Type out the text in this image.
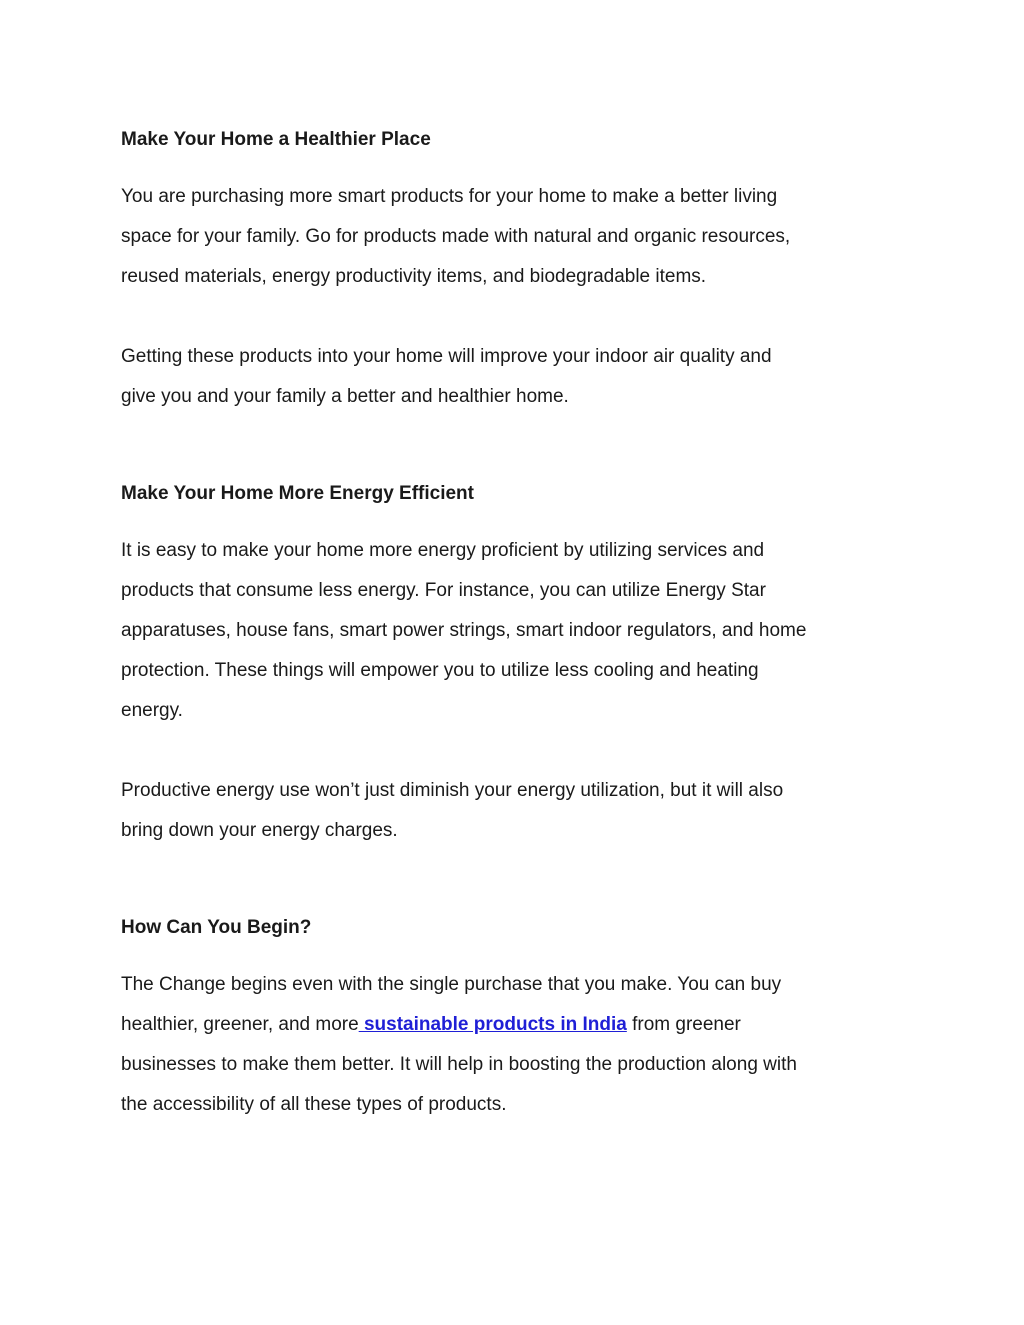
Make Your Home a Healthier Place

You are purchasing more smart products for your home to make a better living
space for your family. Go for products made with natural and organic resources,
reused materials, energy productivity items, and biodegradable items.

Getting these products into your home will improve your indoor air quality and
give you and your family a better and healthier home.

Make Your Home More Energy Efficient

It is easy to make your home more energy proficient by utilizing services and
products that consume less energy. For instance, you can utilize Energy Star
apparatuses, house fans, smart power strings, smart indoor regulators, and home
protection. These things will empower you to utilize less cooling and heating
energy.

Productive energy use won’t just diminish your energy utilization, but it will also
bring down your energy charges.

How Can You Begin?

The Change begins even with the single purchase that you make. You can buy
healthier, greener, and more sustainable products in India from greener
businesses to make them better. It will help in boosting the production along with
the accessibility of all these types of products.
